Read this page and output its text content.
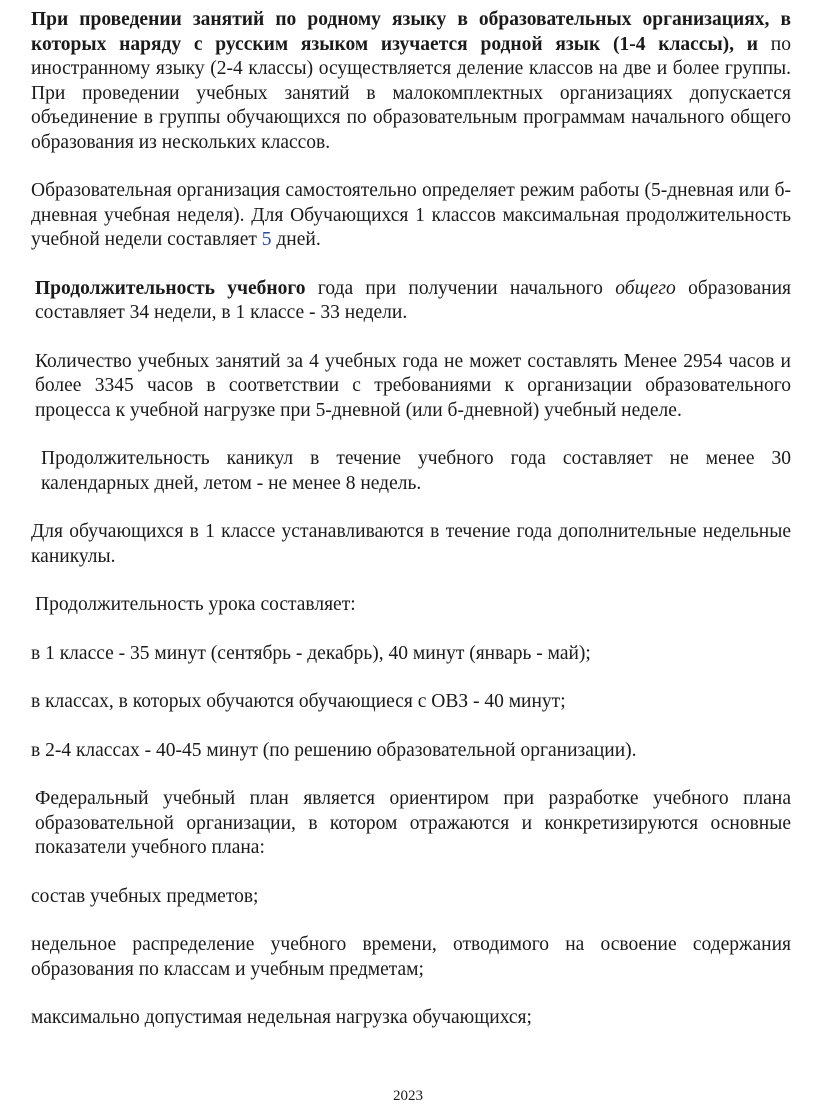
При проведении занятий по родному языку в образовательных организациях, в которых наряду с русским языком изучается родной язык (1-4 классы), и по иностранному языку (2-4 классы) осуществляется деление классов на две и более группы. При проведении учебных занятий в малокомплектных организациях допускается объединение в группы обучающихся по образовательным программам начального общего образования из нескольких классов.

Образовательная организация самостоятельно определяет режим работы (5-дневная или б-дневная учебная неделя). Для Обучающихся 1 классов максимальная продолжительность учебной недели составляет 5 дней.

Продолжительность учебного года при получении начального общего образования составляет 34 недели, в 1 классе - 33 недели.

Количество учебных занятий за 4 учебных года не может составлять Менее 2954 часов и более 3345 часов в соответствии с требованиями к организации образовательного процесса к учебной нагрузке при 5-дневной (или б-дневной) учебный неделе.

Продолжительность каникул в течение учебного года составляет не менее 30 календарных дней, летом - не менее 8 недель.

Для обучающихся в 1 классе устанавливаются в течение года дополнительные недельные каникулы.

Продолжительность урока составляет:

в 1 классе - 35 минут (сентябрь - декабрь), 40 минут (январь - май);

в классах, в которых обучаются обучающиеся с ОВЗ - 40 минут;

в 2-4 классах - 40-45 минут (по решению образовательной организации).

Федеральный учебный план является ориентиром при разработке учебного плана образовательной организации, в котором отражаются и конкретизируются основные показатели учебного плана:

состав учебных предметов;

недельное распределение учебного времени, отводимого на освоение содержания образования по классам и учебным предметам;

максимально допустимая недельная нагрузка обучающихся;

2023
